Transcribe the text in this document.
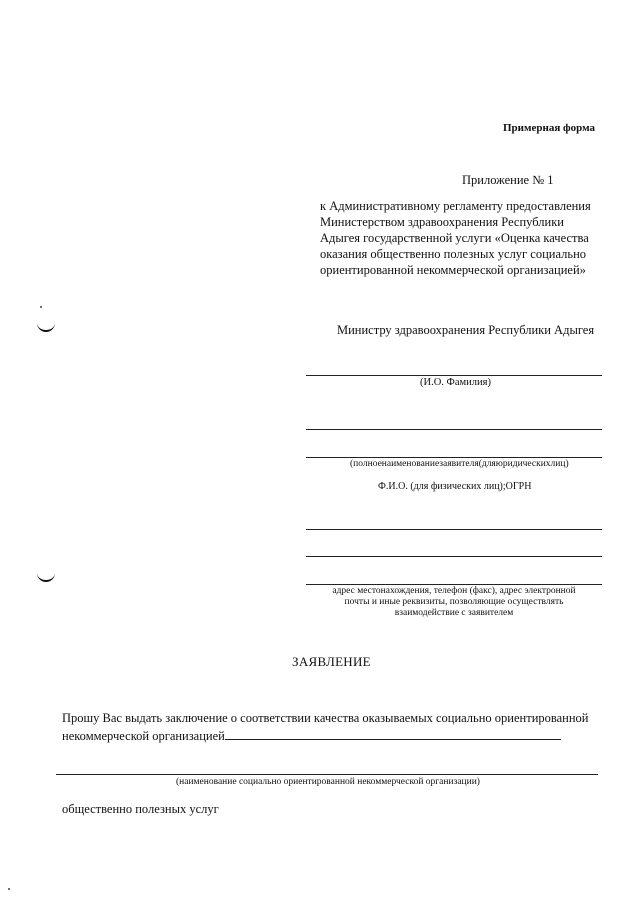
Примерная форма
Приложение № 1
к Административному регламенту предоставления
Министерством здравоохранения Республики
Адыгея государственной услуги «Оценка качества
оказания общественно полезных услуг социально
ориентированной некоммерческой организацией»
Министру здравоохранения Республики Адыгея
(И.О. Фамилия)
(полноенаименованиезаявителя(дляюридическихлиц)
Ф.И.О. (для физических лиц);ОГРН
адрес местонахождения, телефон (факс), адрес электронной
почты и иные реквизиты, позволяющие осуществлять
взаимодействие с заявителем
ЗАЯВЛЕНИЕ
Прошу Вас выдать заключение о соответствии качества оказываемых социально ориентированной
некоммерческой организацией
(наименование социально ориентированной некоммерческой организации)
общественно полезных услуг
